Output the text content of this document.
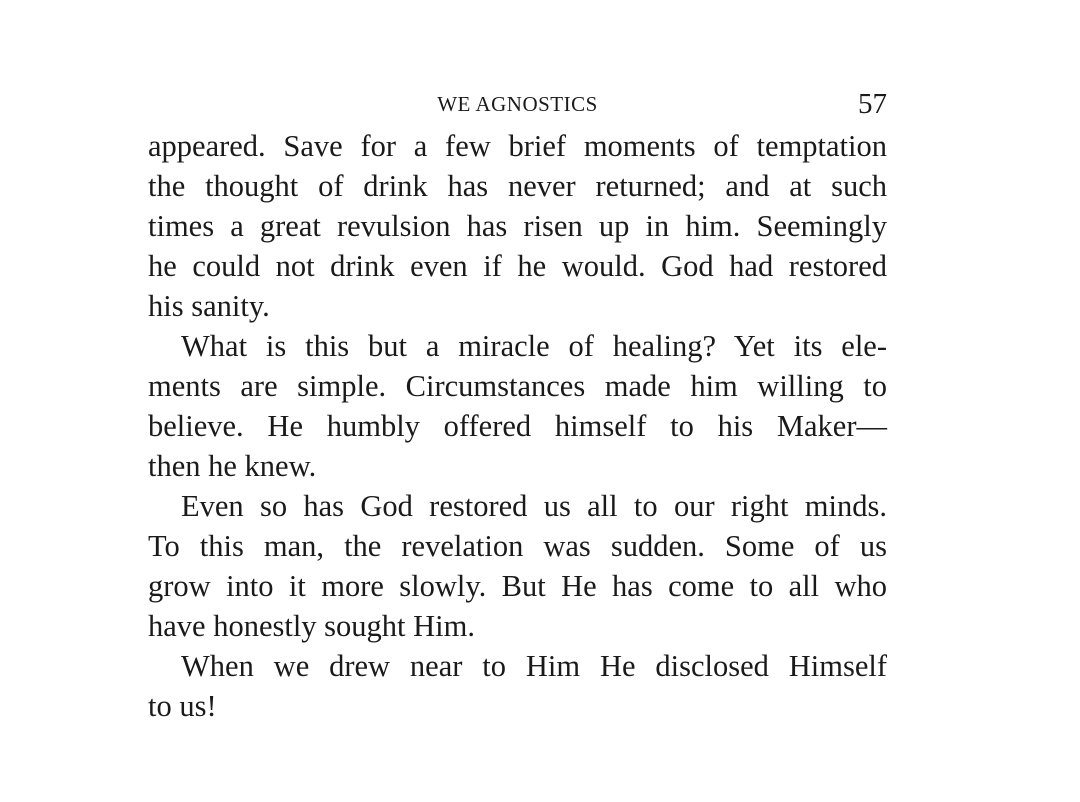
WE AGNOSTICS	57
appeared. Save for a few brief moments of temptation
the thought of drink has never returned; and at such
times a great revulsion has risen up in him. Seemingly
he could not drink even if he would. God had restored
his sanity.
What is this but a miracle of healing? Yet its ele-
ments are simple. Circumstances made him willing to
believe. He humbly offered himself to his Maker—
then he knew.
Even so has God restored us all to our right minds.
To this man, the revelation was sudden. Some of us
grow into it more slowly. But He has come to all who
have honestly sought Him.
When we drew near to Him He disclosed Himself
to us!
